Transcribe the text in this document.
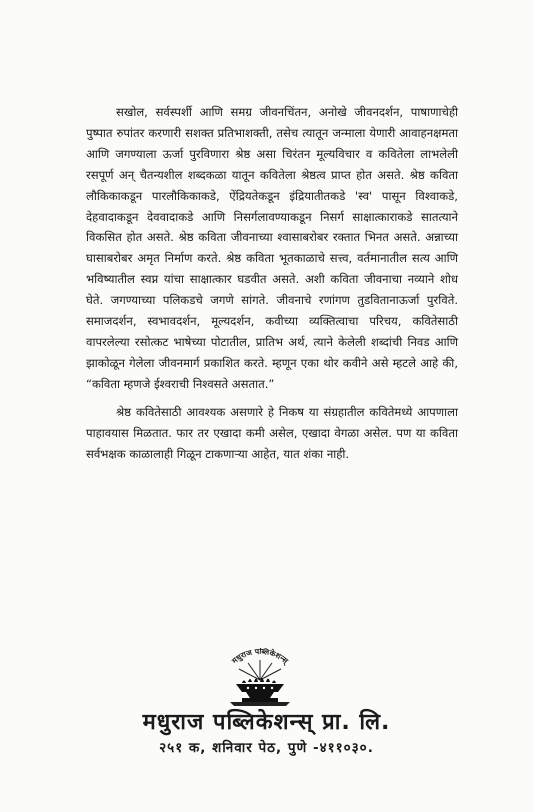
सखोल, सर्वस्पर्शी आणि समग्र जीवनचिंतन, अनोखे जीवनदर्शन, पाषाणाचेही पुष्पात रुपांतर करणारी सशक्त प्रतिभाशक्ती, तसेच त्यातून जन्माला येणारी आवाहनक्षमता आणि जगण्याला ऊर्जा पुरविणारा श्रेष्ठ असा चिरंतन मूल्यविचार व कवितेला लाभलेली रसपूर्ण अन् चैतन्यशील शब्दकळा यातून कवितेला श्रेष्ठत्व प्राप्त होत असते. श्रेष्ठ कविता लौकिकाकडून पारलौकिकाकडे, ऐंद्रियतेकडून इंद्रियातीतकडे 'स्व' पासून विश्वाकडे, देहवादाकडून देववादाकडे आणि निसर्गलावण्याकडून निसर्ग साक्षात्काराकडे सातत्याने विकसित होत असते. श्रेष्ठ कविता जीवनाच्या श्वासाबरोबर रक्तात भिनत असते. अन्नाच्या घासाबरोबर अमृत निर्माण करते. श्रेष्ठ कविता भूतकाळाचे सत्त्व, वर्तमानातील सत्य आणि भविष्यातील स्वप्न यांचा साक्षात्कार घडवीत असते. अशी कविता जीवनाचा नव्याने शोध घेते. जगण्याच्या पलिकडचे जगणे सांगते. जीवनाचे रणांगण तुडवितानाऊर्जा पुरविते. समाजदर्शन, स्वभावदर्शन, मूल्यदर्शन, कवीच्या व्यक्तित्वाचा परिचय, कवितेसाठी वापरलेल्या रसोत्कट भाषेच्या पोटातील, प्रातिभ अर्थ, त्याने केलेली शब्दांची निवड आणि झाकोळून गेलेला जीवनमार्ग प्रकाशित करते. म्हणून एका थोर कवीने असे म्हटले आहे की, “कविता म्हणजे ईश्वराची निश्वसते असतात.”

श्रेष्ठ कवितेसाठी आवश्यक असणारे हे निकष या संग्रहातील कवितेमध्ये आपणाला पाहावयास मिळतात. फार तर एखादा कमी असेल, एखादा वेगळा असेल. पण या कविता सर्वभक्षक काळालाही गिळून टाकणाऱ्या आहेत, यात शंका नाही.

मधुराज पब्लिकेशन्स्
मधुराज पब्लिकेशन्स् प्रा. लि.
२५१ क, शनिवार पेठ, पुणे -४११०३०.
